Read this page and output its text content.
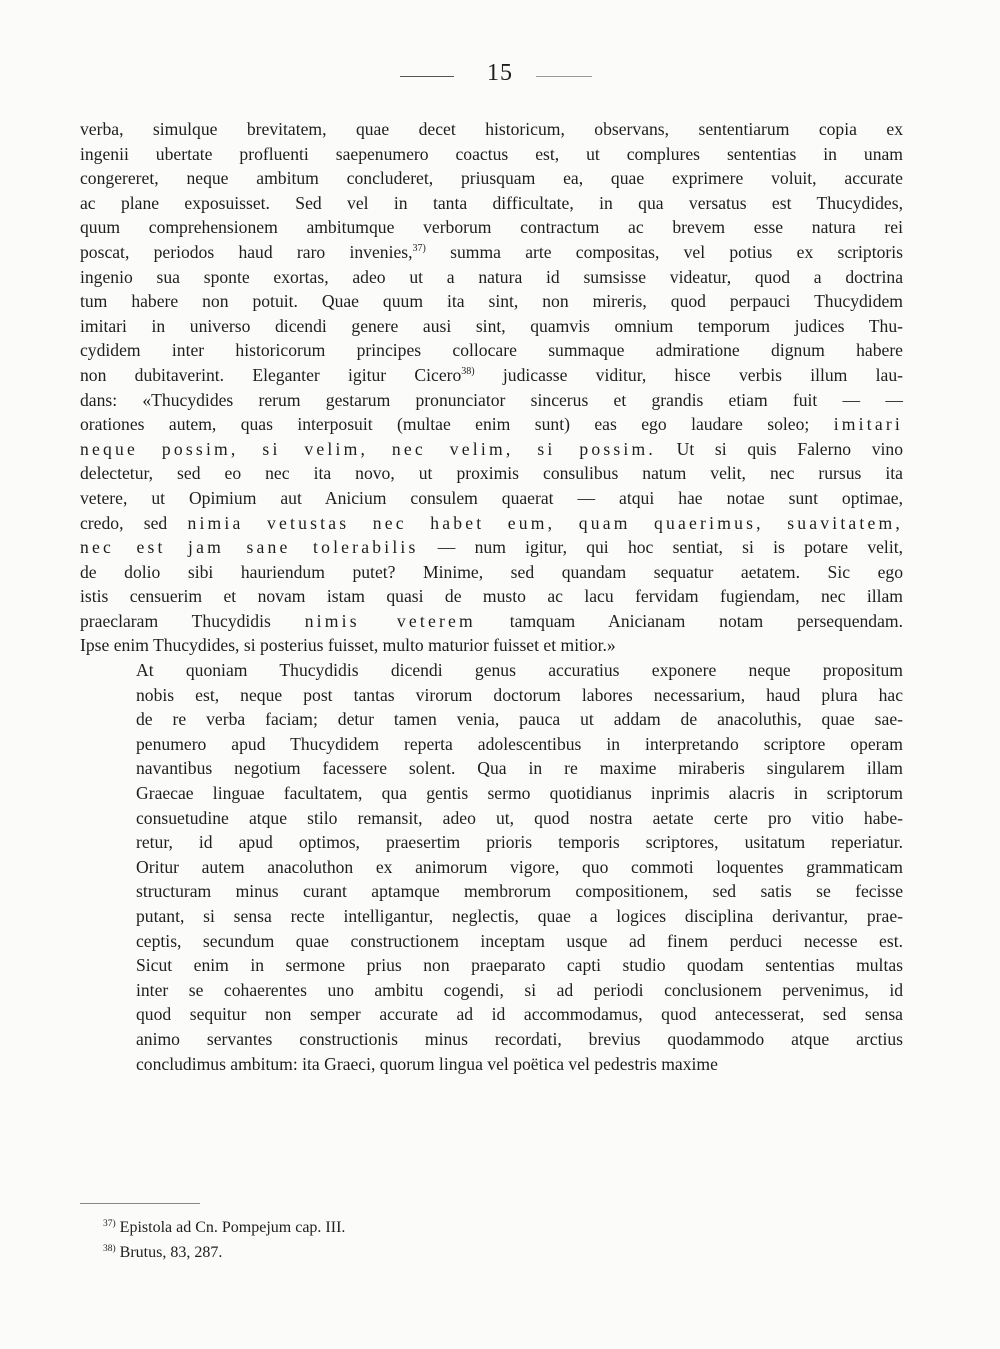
15

verba, simulque brevitatem, quae decet historicum, observans, sententiarum copia ex
ingenii ubertate profluenti saepenumero coactus est, ut complures sententias in unam
congereret, neque ambitum concluderet, priusquam ea, quae exprimere voluit, accurate
ac plane exposuisset. Sed vel in tanta difficultate, in qua versatus est Thucydides,
quum comprehensionem ambitumque verborum contractum ac brevem esse natura rei
poscat, periodos haud raro invenies,$^{37)}$ summa arte compositas, vel potius ex scriptoris
ingenio sua sponte exortas, adeo ut a natura id sumsisse videatur, quod a doctrina
tum habere non potuit. Quae quum ita sint, non mireris, quod perpauci Thucydidem
imitari in universo dicendi genere ausi sint, quamvis omnium temporum judices Thu-
cydidem inter historicorum principes collocare summaque admiratione dignum habere
non dubitaverint. Eleganter igitur Cicero$^{38)}$ judicasse viditur, hisce verbis illum lau-
dans: «Thucydides rerum gestarum pronunciator sincerus et grandis etiam fuit — —
orationes autem, quas interposuit (multae enim sunt) eas ego laudare soleo; imitari
neque possim, si velim, nec velim, si possim. Ut si quis Falerno vino
delectetur, sed eo nec ita novo, ut proximis consulibus natum velit, nec rursus ita
vetere, ut Opimium aut Anicium consulem quaerat — atqui hae notae sunt optimae,
credo, sed nimia vetustas nec habet eum, quam quaerimus, suavitatem,
nec est jam sane tolerabilis — num igitur, qui hoc sentiat, si is potare velit,
de dolio sibi hauriendum putet? Minime, sed quandam sequatur aetatem. Sic ego
istis censuerim et novam istam quasi de musto ac lacu fervidam fugiendam, nec illam
praeclaram Thucydidis nimis veterem tamquam Anicianam notam persequendam.
Ipse enim Thucydides, si posterius fuisset, multo maturior fuisset et mitior.»

At quoniam Thucydidis dicendi genus accuratius exponere neque propositum
nobis est, neque post tantas virorum doctorum labores necessarium, haud plura hac
de re verba faciam; detur tamen venia, pauca ut addam de anacoluthis, quae sae-
penumero apud Thucydidem reperta adolescentibus in interpretando scriptore operam
navantibus negotium facessere solent. Qua in re maxime miraberis singularem illam
Graecae linguae facultatem, qua gentis sermo quotidianus inprimis alacris in scriptorum
consuetudine atque stilo remansit, adeo ut, quod nostra aetate certe pro vitio habe-
retur, id apud optimos, praesertim prioris temporis scriptores, usitatum reperiatur.
Oritur autem anacoluthon ex animorum vigore, quo commoti loquentes grammaticam
structuram minus curant aptamque membrorum compositionem, sed satis se fecisse
putant, si sensa recte intelligantur, neglectis, quae a logices disciplina derivantur, prae-
ceptis, secundum quae constructionem inceptam usque ad finem perduci necesse est.
Sicut enim in sermone prius non praeparato capti studio quodam sententias multas
inter se cohaerentes uno ambitu cogendi, si ad periodi conclusionem pervenimus, id
quod sequitur non semper accurate ad id accommodamus, quod antecesserat, sed sensa
animo servantes constructionis minus recordati, brevius quodammodo atque arctius
concludimus ambitum: ita Graeci, quorum lingua vel poëtica vel pedestris maxime

$^{37)}$ Epistola ad Cn. Pompejum cap. III.
$^{38)}$ Brutus, 83, 287.
